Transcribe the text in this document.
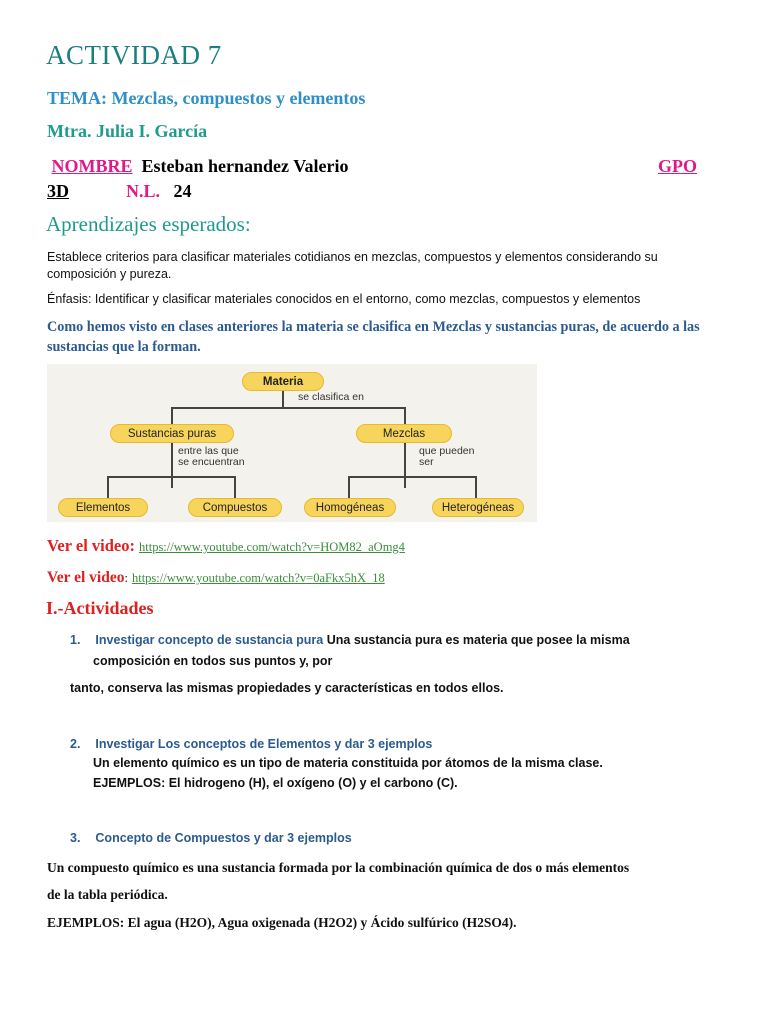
ACTIVIDAD 7
TEMA: Mezclas, compuestos y elementos
Mtra. Julia I. García
NOMBRE Esteban hernandez Valerio	GPO
3D	N.L. 24
Aprendizajes esperados:
Establece criterios para clasificar materiales cotidianos en mezclas, compuestos y elementos considerando su composición y pureza.
Énfasis: Identificar y clasificar materiales conocidos en el entorno, como mezclas, compuestos y elementos
Como hemos visto en clases anteriores la materia se clasifica en Mezclas y sustancias puras, de acuerdo a las sustancias que la forman.
Materia
se clasifica en
Sustancias puras	Mezclas
entre las que
se encuentran
que pueden
ser
Elementos	Compuestos	Homogéneas	Heterogéneas
Ver el video: https://www.youtube.com/watch?v=HOM82_aOmg4
Ver el video: https://www.youtube.com/watch?v=0aFkx5hX_18
I.-Actividades
1. Investigar concepto de sustancia pura Una sustancia pura es materia que posee la misma
composición en todos sus puntos y, por
tanto, conserva las mismas propiedades y características en todos ellos.
2. Investigar Los conceptos de Elementos y dar 3 ejemplos
Un elemento químico es un tipo de materia constituida por átomos de la misma clase.
EJEMPLOS: El hidrogeno (H), el oxígeno (O) y el carbono (C).
3. Concepto de Compuestos y dar 3 ejemplos
Un compuesto químico es una sustancia formada por la combinación química de dos o más elementos
de la tabla periódica.
EJEMPLOS: El agua (H2O), Agua oxigenada (H2O2) y Ácido sulfúrico (H2SO4).
